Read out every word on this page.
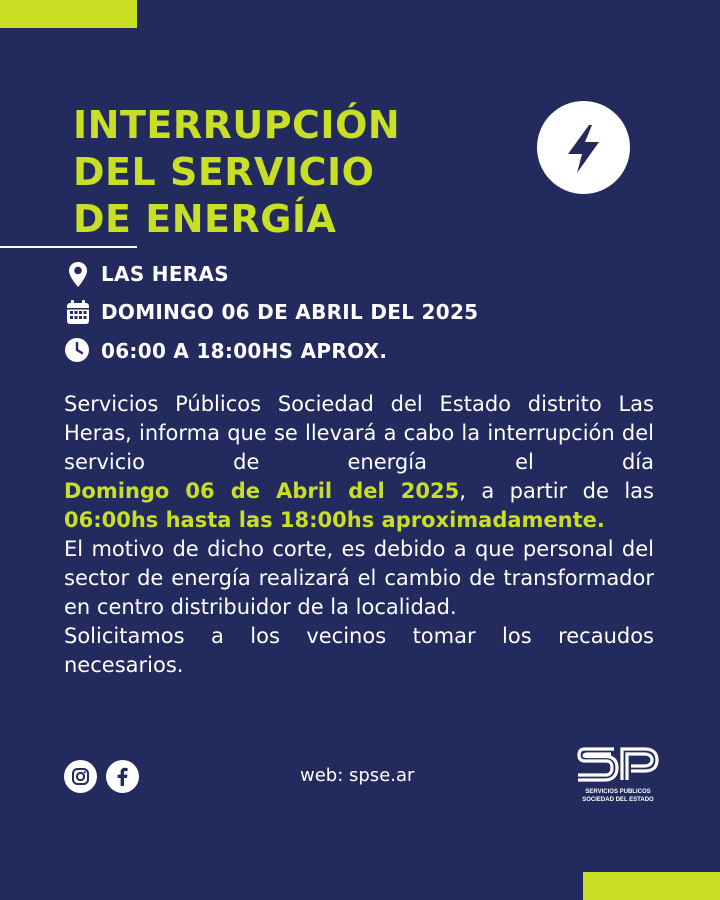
INTERRUPCIÓN
DEL SERVICIO
DE ENERGÍA
LAS HERAS
DOMINGO 06 DE ABRIL DEL 2025
06:00 A 18:00HS APROX.

Servicios Públicos Sociedad del Estado distrito Las Heras, informa que se llevará a cabo la interrupción del servicio de energía el día Domingo 06 de Abril del 2025, a partir de las 06:00hs hasta las 18:00hs aproximadamente.

El motivo de dicho corte, es debido a que personal del sector de energía realizará el cambio de transformador en centro distribuidor de la localidad.

Solicitamos a los vecinos tomar los recaudos necesarios.

web: spse.ar
SERVICIOS PUBLICOS
SOCIEDAD DEL ESTADO
